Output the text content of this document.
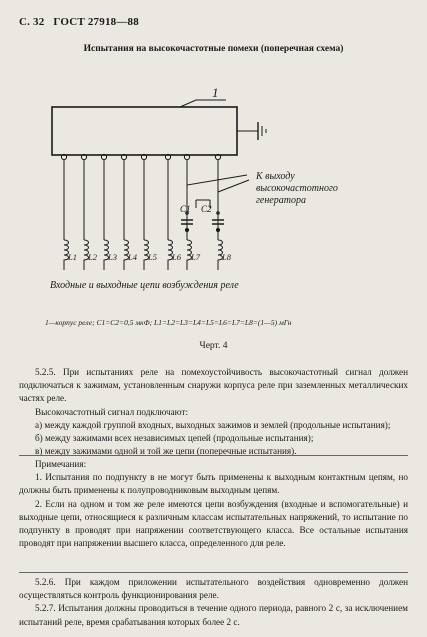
С. 32 ГОСТ 27918—88
Испытания на высокочастотные помехи (поперечная схема)
1
C1 C2
К выходу
высокочастотного
генератора
L1 L2 L3 L4 L5 L6 L7	L8
Входные и выходные цепи возбуждения реле
1—корпус реле; C1=C2=0,5 мкФ; L1=L2=L3=L4=L5=L6=L7=L8=(1—5) мГн
Черт. 4

5.2.5. При испытаниях реле на помехоустойчивость высокочастотный сигнал должен подключаться к зажимам, установленным снаружи корпуса реле при заземленных металлических частях реле.

Высокочастотный сигнал подключают:

а) между каждой группой входных, выходных зажимов и землей (продольные испытания);

б) между зажимами всех независимых цепей (продольные испытания);

в) между зажимами одной и той же цепи (поперечные испытания).

Примечания:

1. Испытания по подпункту в не могут быть применены к выходным контактным цепям, но должны быть применены к полупроводниковым выходным цепям.

2. Если на одном и том же реле имеются цепи возбуждения (входные и вспомогательные) и выходные цепи, относящиеся к различным классам испытательных напряжений, то испытание по подпункту в проводят при напряжении соответствующего класса. Все остальные испытания проводят при напряжении высшего класса, определенного для реле.

5.2.6. При каждом приложении испытательного воздействия одновременно должен осуществляться контроль функционирования реле.

5.2.7. Испытания должны проводиться в течение одного периода, равного 2 с, за исключением испытаний реле, время срабатывания которых более 2 с.
